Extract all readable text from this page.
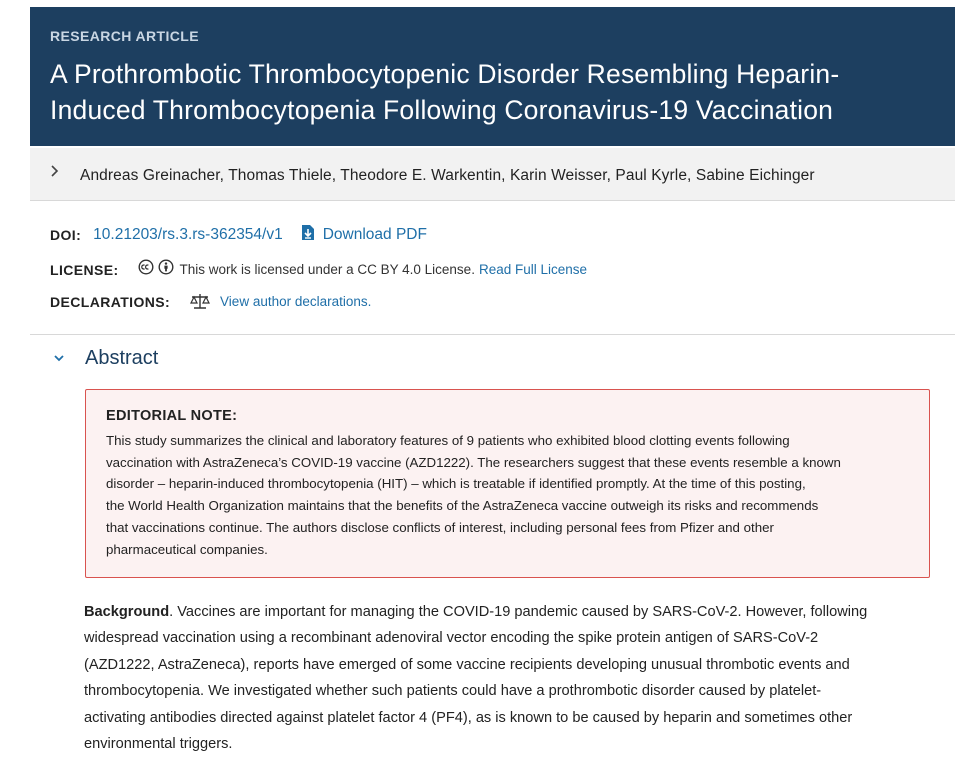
RESEARCH ARTICLE
A Prothrombotic Thrombocytopenic Disorder Resembling Heparin-
Induced Thrombocytopenia Following Coronavirus-19 Vaccination
Andreas Greinacher, Thomas Thiele, Theodore E. Warkentin, Karin Weisser, Paul Kyrle, Sabine Eichinger
DOI: 10.21203/rs.3.rs-362354/v1	Download PDF
LICENSE:	This work is licensed under a CC BY 4.0 License. Read Full License
DECLARATIONS:	View author declarations.
Abstract
EDITORIAL NOTE:
This study summarizes the clinical and laboratory features of 9 patients who exhibited blood clotting events following
vaccination with AstraZeneca’s COVID-19 vaccine (AZD1222). The researchers suggest that these events resemble a known
disorder – heparin-induced thrombocytopenia (HIT) – which is treatable if identified promptly. At the time of this posting,
the World Health Organization maintains that the benefits of the AstraZeneca vaccine outweigh its risks and recommends
that vaccinations continue. The authors disclose conflicts of interest, including personal fees from Pfizer and other
pharmaceutical companies.
Background. Vaccines are important for managing the COVID-19 pandemic caused by SARS-CoV-2. However, following
widespread vaccination using a recombinant adenoviral vector encoding the spike protein antigen of SARS-CoV-2
(AZD1222, AstraZeneca), reports have emerged of some vaccine recipients developing unusual thrombotic events and
thrombocytopenia. We investigated whether such patients could have a prothrombotic disorder caused by platelet-
activating antibodies directed against platelet factor 4 (PF4), as is known to be caused by heparin and sometimes other
environmental triggers.
